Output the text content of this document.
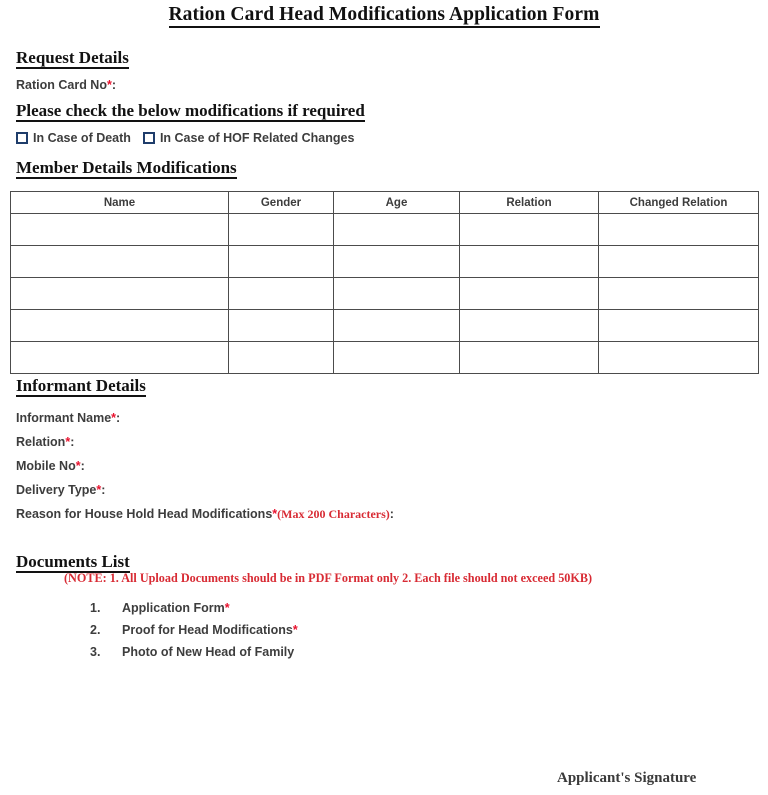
Ration Card Head Modifications Application Form
Request Details
Ration Card No*:
Please check the below modifications if required
In Case of Death In Case of HOF Related Changes
Member Details Modifications
Name	Gender	Age	Relation	Changed Relation

Informant Details
Informant Name*:
Relation*:
Mobile No*:
Delivery Type*:
Reason for House Hold Head Modifications*(Max 200 Characters):
Documents List
(NOTE: 1. All Upload Documents should be in PDF Format only 2. Each file should not exceed 50KB)
1.	Application Form *
2.	Proof for Head Modifications *
3.	Photo of New Head of Family
Applicant's Signature
